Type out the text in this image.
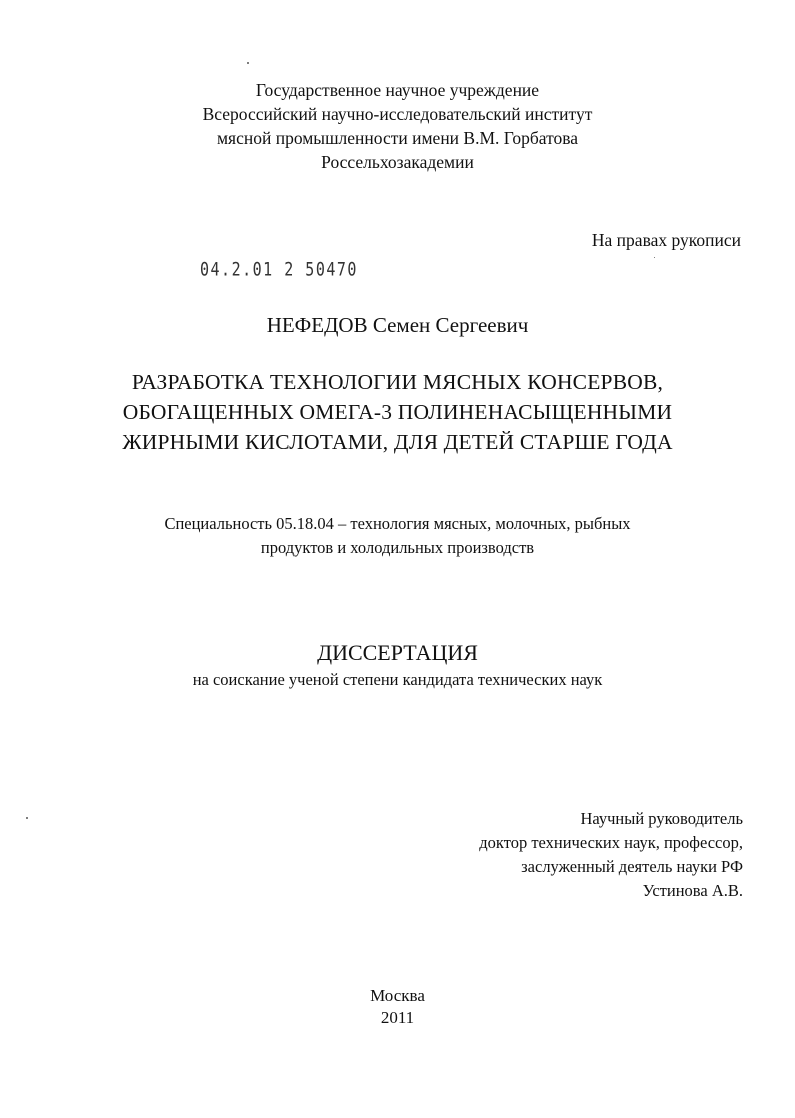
Государственное научное учреждение
Всероссийский научно-исследовательский институт
мясной промышленности имени В.М. Горбатова
Россельхозакадемии
На правах рукописи
04.2.01 2 50470
НЕФЕДОВ Семен Сергеевич
РАЗРАБОТКА ТЕХНОЛОГИИ МЯСНЫХ КОНСЕРВОВ,
ОБОГАЩЕННЫХ ОМЕГА-3 ПОЛИНЕНАСЫЩЕННЫМИ
ЖИРНЫМИ КИСЛОТАМИ, ДЛЯ ДЕТЕЙ СТАРШЕ ГОДА
Специальность 05.18.04 – технология мясных, молочных, рыбных
продуктов и холодильных производств
ДИССЕРТАЦИЯ
на соискание ученой степени кандидата технических наук
Научный руководитель
доктор технических наук, профессор,
заслуженный деятель науки РФ
Устинова А.В.
Москва
2011
